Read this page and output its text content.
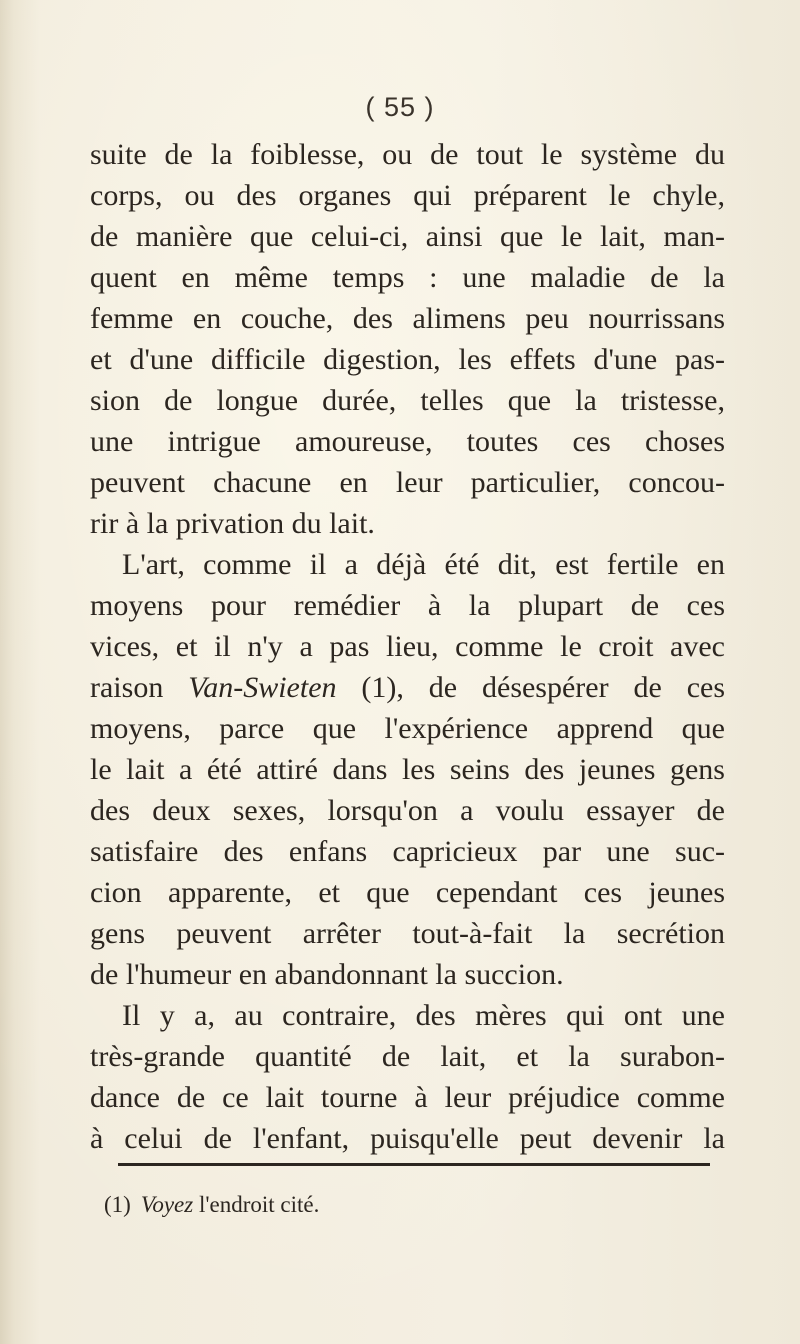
( 55 )
suite de la foiblesse, ou de tout le système du
corps, ou des organes qui préparent le chyle,
de manière que celui-ci, ainsi que le lait, man-
quent en même temps : une maladie de la
femme en couche, des alimens peu nourrissans
et d'une difficile digestion, les effets d'une pas-
sion de longue durée, telles que la tristesse,
une intrigue amoureuse, toutes ces choses
peuvent chacune en leur particulier, concou-
rir à la privation du lait.
L'art, comme il a déjà été dit, est fertile en
moyens pour remédier à la plupart de ces
vices, et il n'y a pas lieu, comme le croit avec
raison Van-Swieten (1), de désespérer de ces
moyens, parce que l'expérience apprend que
le lait a été attiré dans les seins des jeunes gens
des deux sexes, lorsqu'on a voulu essayer de
satisfaire des enfans capricieux par une suc-
cion apparente, et que cependant ces jeunes
gens peuvent arrêter tout-à-fait la secrétion
de l'humeur en abandonnant la succion.
Il y a, au contraire, des mères qui ont une
très-grande quantité de lait, et la surabon-
dance de ce lait tourne à leur préjudice comme
à celui de l'enfant, puisqu'elle peut devenir la
(1) Voyez l'endroit cité.
